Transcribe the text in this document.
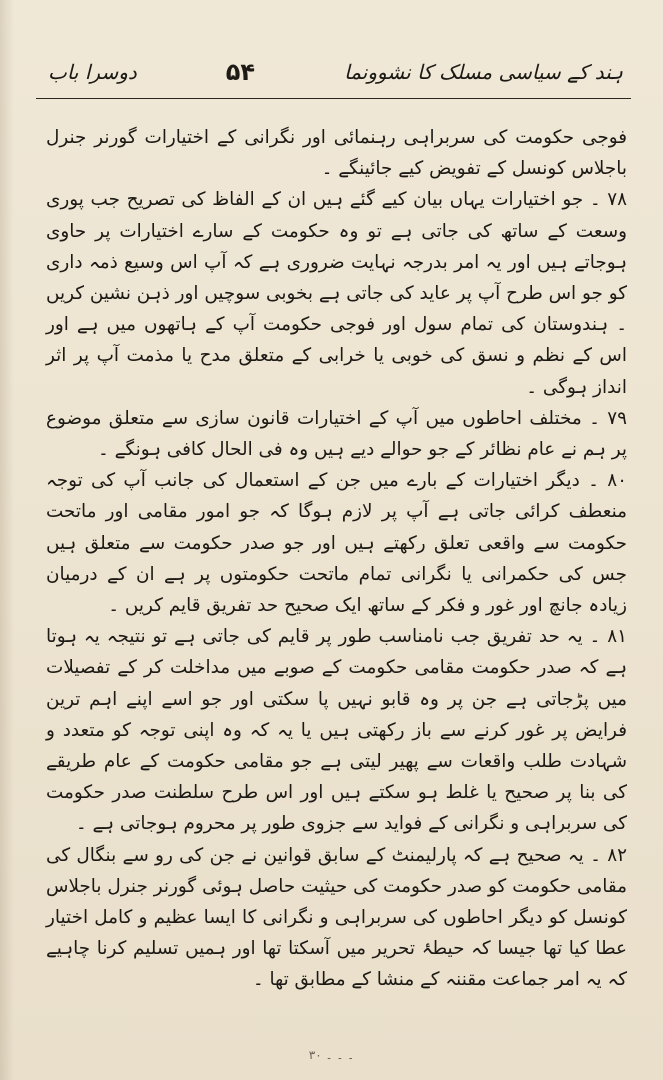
ہند کے سیاسی مسلک کا نشوونما
۵۴
دوسرا باب

فوجی حکومت کی سربراہی رہنمائی اور نگرانی کے اختیارات گورنر جنرل باجلاس کونسل کے تفویض کیے جائینگے ۔

۷۸ ۔ جو اختیارات یہاں بیان کیے گئے ہیں ان کے الفاظ کی تصریح جب پوری وسعت کے ساتھ کی جاتی ہے تو وہ حکومت کے سارے اختیارات پر حاوی ہوجاتے ہیں اور یہ امر بدرجہ نہایت ضروری ہے کہ آپ اس وسیع ذمہ داری کو جو اس طرح آپ پر عاید کی جاتی ہے بخوبی سوچیں اور ذہن نشین کریں ۔ ہندوستان کی تمام سول اور فوجی حکومت آپ کے ہاتھوں میں ہے اور اس کے نظم و نسق کی خوبی یا خرابی کے متعلق مدح یا مذمت آپ پر اثر انداز ہوگی ۔

۷۹ ۔ مختلف احاطوں میں آپ کے اختیارات قانون سازی سے متعلق موضوع پر ہم نے عام نظائر کے جو حوالے دیے ہیں وہ فی الحال کافی ہونگے ۔

۸۰ ۔ دیگر اختیارات کے بارے میں جن کے استعمال کی جانب آپ کی توجہ منعطف کرائی جاتی ہے آپ پر لازم ہوگا کہ جو امور مقامی اور ماتحت حکومت سے واقعی تعلق رکھتے ہیں اور جو صدر حکومت سے متعلق ہیں جس کی حکمرانی یا نگرانی تمام ماتحت حکومتوں پر ہے ان کے درمیان زیادہ جانچ اور غور و فکر کے ساتھ ایک صحیح حد تفریق قایم کریں ۔

۸۱ ۔ یہ حد تفریق جب نامناسب طور پر قایم کی جاتی ہے تو نتیجہ یہ ہوتا ہے کہ صدر حکومت مقامی حکومت کے صوبے میں مداخلت کر کے تفصیلات میں پڑجاتی ہے جن پر وہ قابو نہیں پا سکتی اور جو اسے اپنے اہم ترین فرایض پر غور کرنے سے باز رکھتی ہیں یا یہ کہ وہ اپنی توجہ کو متعدد و شہادت طلب واقعات سے پھیر لیتی ہے جو مقامی حکومت کے عام طریقے کی بنا پر صحیح یا غلط ہو سکتے ہیں اور اس طرح سلطنت صدر حکومت کی سربراہی و نگرانی کے فواید سے جزوی طور پر محروم ہوجاتی ہے ۔

۸۲ ۔ یہ صحیح ہے کہ پارلیمنٹ کے سابق قوانین نے جن کی رو سے بنگال کی مقامی حکومت کو صدر حکومت کی حیثیت حاصل ہوئی گورنر جنرل باجلاس کونسل کو دیگر احاطوں کی سربراہی و نگرانی کا ایسا عظیم و کامل اختیار عطا کیا تھا جیسا کہ حیطۂ تحریر میں آسکتا تھا اور ہمیں تسلیم کرنا چاہیے کہ یہ امر جماعت مقننہ کے منشا کے مطابق تھا ۔

۔ ۔ ۔ ۳۰
